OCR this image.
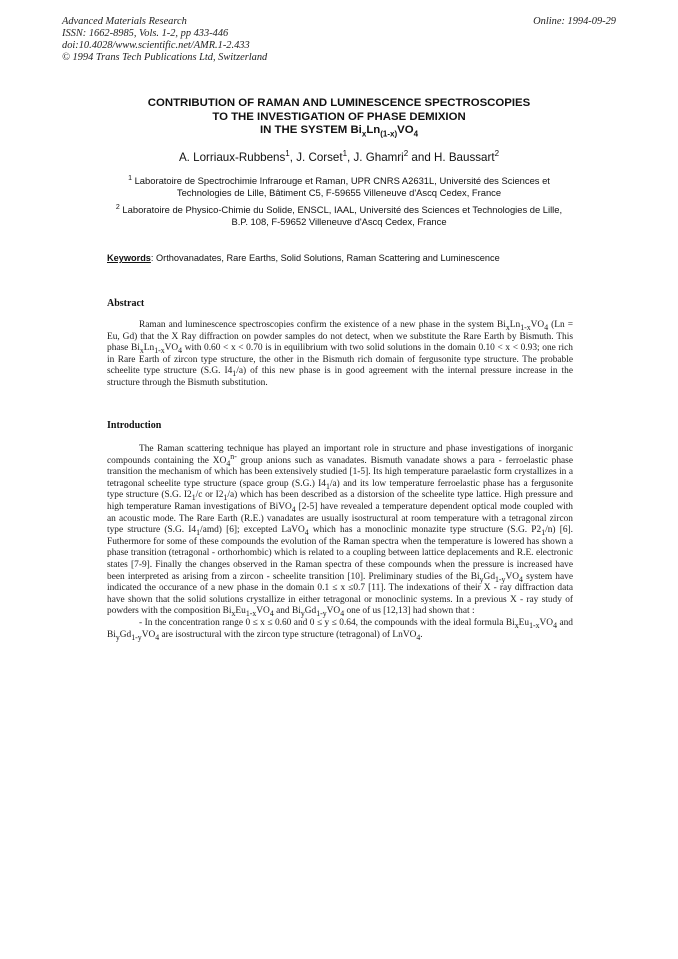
Advanced Materials Research
ISSN: 1662-8985, Vols. 1-2, pp 433-446
doi:10.4028/www.scientific.net/AMR.1-2.433
© 1994 Trans Tech Publications Ltd, Switzerland
Online: 1994-09-29
CONTRIBUTION OF RAMAN AND LUMINESCENCE SPECTROSCOPIES
TO THE INVESTIGATION OF PHASE DEMIXION
IN THE SYSTEM $Bi_xLn_{(1-x)}VO_4$
A. Lorriaux-Rubbens$^1$, J. Corset$^1$, J. Ghamri$^2$ and H. Baussart$^2$
$^1$ Laboratoire de Spectrochimie Infrarouge et Raman, UPR CNRS A2631L, Université des Sciences et Technologies de Lille, Bâtiment C5, F-59655 Villeneuve d'Ascq Cedex, France
$^2$ Laboratoire de Physico-Chimie du Solide, ENSCL, IAAL, Université des Sciences et Technologies de Lille, B.P. 108, F-59652 Villeneuve d'Ascq Cedex, France
Keywords: Orthovanadates, Rare Earths, Solid Solutions, Raman Scattering and Luminescence
Abstract

Raman and luminescence spectroscopies confirm the existence of a new phase in the system $Bi_xLn_{1-x}VO_4$ (Ln = Eu, Gd) that the X Ray diffraction on powder samples do not detect, when we substitute the Rare Earth by Bismuth. This phase $Bi_xLn_{1-x}VO_4$ with 0.60 < x < 0.70 is in equilibrium with two solid solutions in the domain 0.10 < x < 0.93; one rich in Rare Earth of zircon type structure, the other in the Bismuth rich domain of fergusonite type structure. The probable scheelite type structure (S.G. $I4_1/a$) of this new phase is in good agreement with the internal pressure increase in the structure through the Bismuth substitution.

Introduction

The Raman scattering technique has played an important role in structure and phase investigations of inorganic compounds containing the $XO_4^{n-}$ group anions such as vanadates. Bismuth vanadate shows a para - ferroelastic phase transition the mechanism of which has been extensively studied [1-5]. Its high temperature paraelastic form crystallizes in a tetragonal scheelite type structure (space group (S.G.) $I4_1/a$) and its low temperature ferroelastic phase has a fergusonite type structure (S.G. $I2_1/c$ or $I2_1/a$) which has been described as a distorsion of the scheelite type lattice. High pressure and high temperature Raman investigations of BiVO$_4$ [2-5] have revealed a temperature dependent optical mode coupled with an acoustic mode. The Rare Earth (R.E.) vanadates are usually isostructural at room temperature with a tetragonal zircon type structure (S.G. $I4_1/amd$) [6]; excepted LaVO$_4$ which has a monoclinic monazite type structure (S.G. $P2_1/n$) [6]. Futhermore for some of these compounds the evolution of the Raman spectra when the temperature is lowered has shown a phase transition (tetragonal - orthorhombic) which is related to a coupling between lattice deplacements and R.E. electronic states [7-9]. Finally the changes observed in the Raman spectra of these compounds when the pressure is increased have been interpreted as arising from a zircon - scheelite transition [10]. Preliminary studies of the $Bi_yGd_{1-y}VO_4$ system have indicated the occurance of a new phase in the domain 0.1 ≤ x ≤0.7 [11]. The indexations of their X - ray diffraction data have shown that the solid solutions crystallize in either tetragonal or monoclinic systems. In a previous X - ray study of powders with the composition $Bi_xEu_{1-x}VO_4$ and $Bi_yGd_{1-y}VO_4$ one of us [12,13] had shown that :

- In the concentration range 0 ≤ x ≤ 0.60 and 0 ≤ y ≤ 0.64, the compounds with the ideal formula $Bi_xEu_{1-x}VO_4$ and $Bi_yGd_{1-y}VO_4$ are isostructural with the zircon type structure (tetragonal) of LnVO$_4$.
